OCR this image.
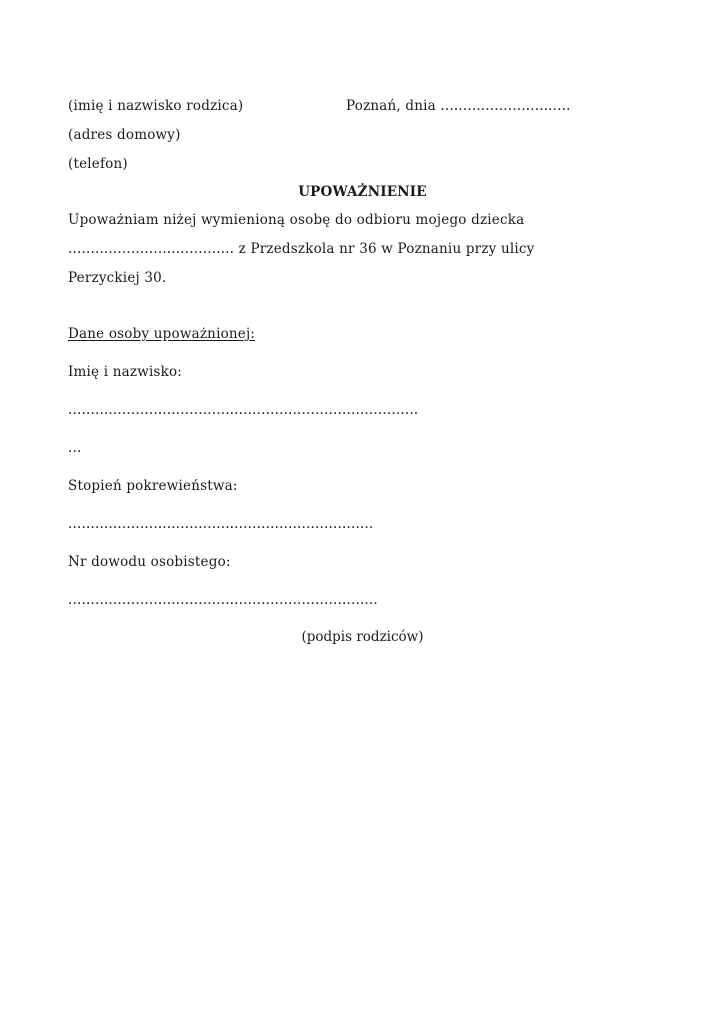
(imię i nazwisko rodzica)	Poznań, dnia .............................
(adres domowy)
(telefon)
UPOWAŻNIENIE
Upoważniam niżej wymienioną osobę do odbioru mojego dziecka
..................................... z Przedszkola nr 36 w Poznaniu przy ulicy
Perzyckiej 30.
Dane osoby upoważnionej:
Imię i nazwisko:
..............................................................................
...
Stopień pokrewieństwa:
....................................................................
Nr dowodu osobistego:
.....................................................................
(podpis rodziców)
